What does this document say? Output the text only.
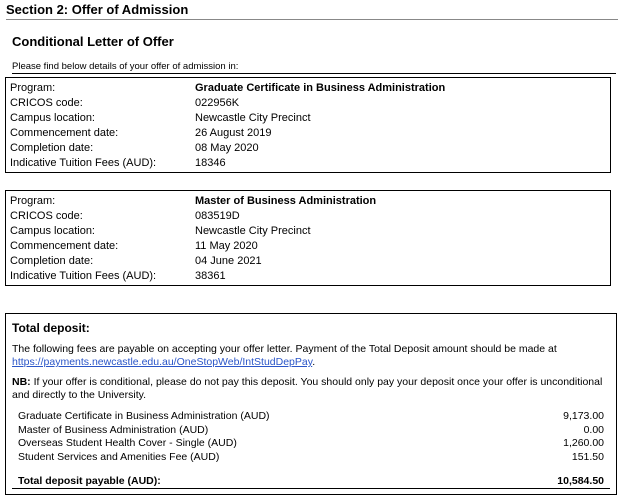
Section 2: Offer of Admission
Conditional Letter of Offer
Please find below details of your offer of admission in:
Program:	Graduate Certificate in Business Administration
CRICOS code:	022956K
Campus location:	Newcastle City Precinct
Commencement date:	26 August 2019
Completion date:	08 May 2020
Indicative Tuition Fees (AUD):	18346
Program:	Master of Business Administration
CRICOS code:	083519D
Campus location:	Newcastle City Precinct
Commencement date:	11 May 2020
Completion date:	04 June 2021
Indicative Tuition Fees (AUD):	38361
Total deposit:
The following fees are payable on accepting your offer letter. Payment of the Total Deposit amount should be made at https://payments.newcastle.edu.au/OneStopWeb/IntStudDepPay.
NB: If your offer is conditional, please do not pay this deposit. You should only pay your deposit once your offer is unconditional and directly to the University.
Graduate Certificate in Business Administration (AUD)	9,173.00
Master of Business Administration (AUD)	0.00
Overseas Student Health Cover - Single (AUD)	1,260.00
Student Services and Amenities Fee (AUD)	151.50
Total deposit payable (AUD):	10,584.50
